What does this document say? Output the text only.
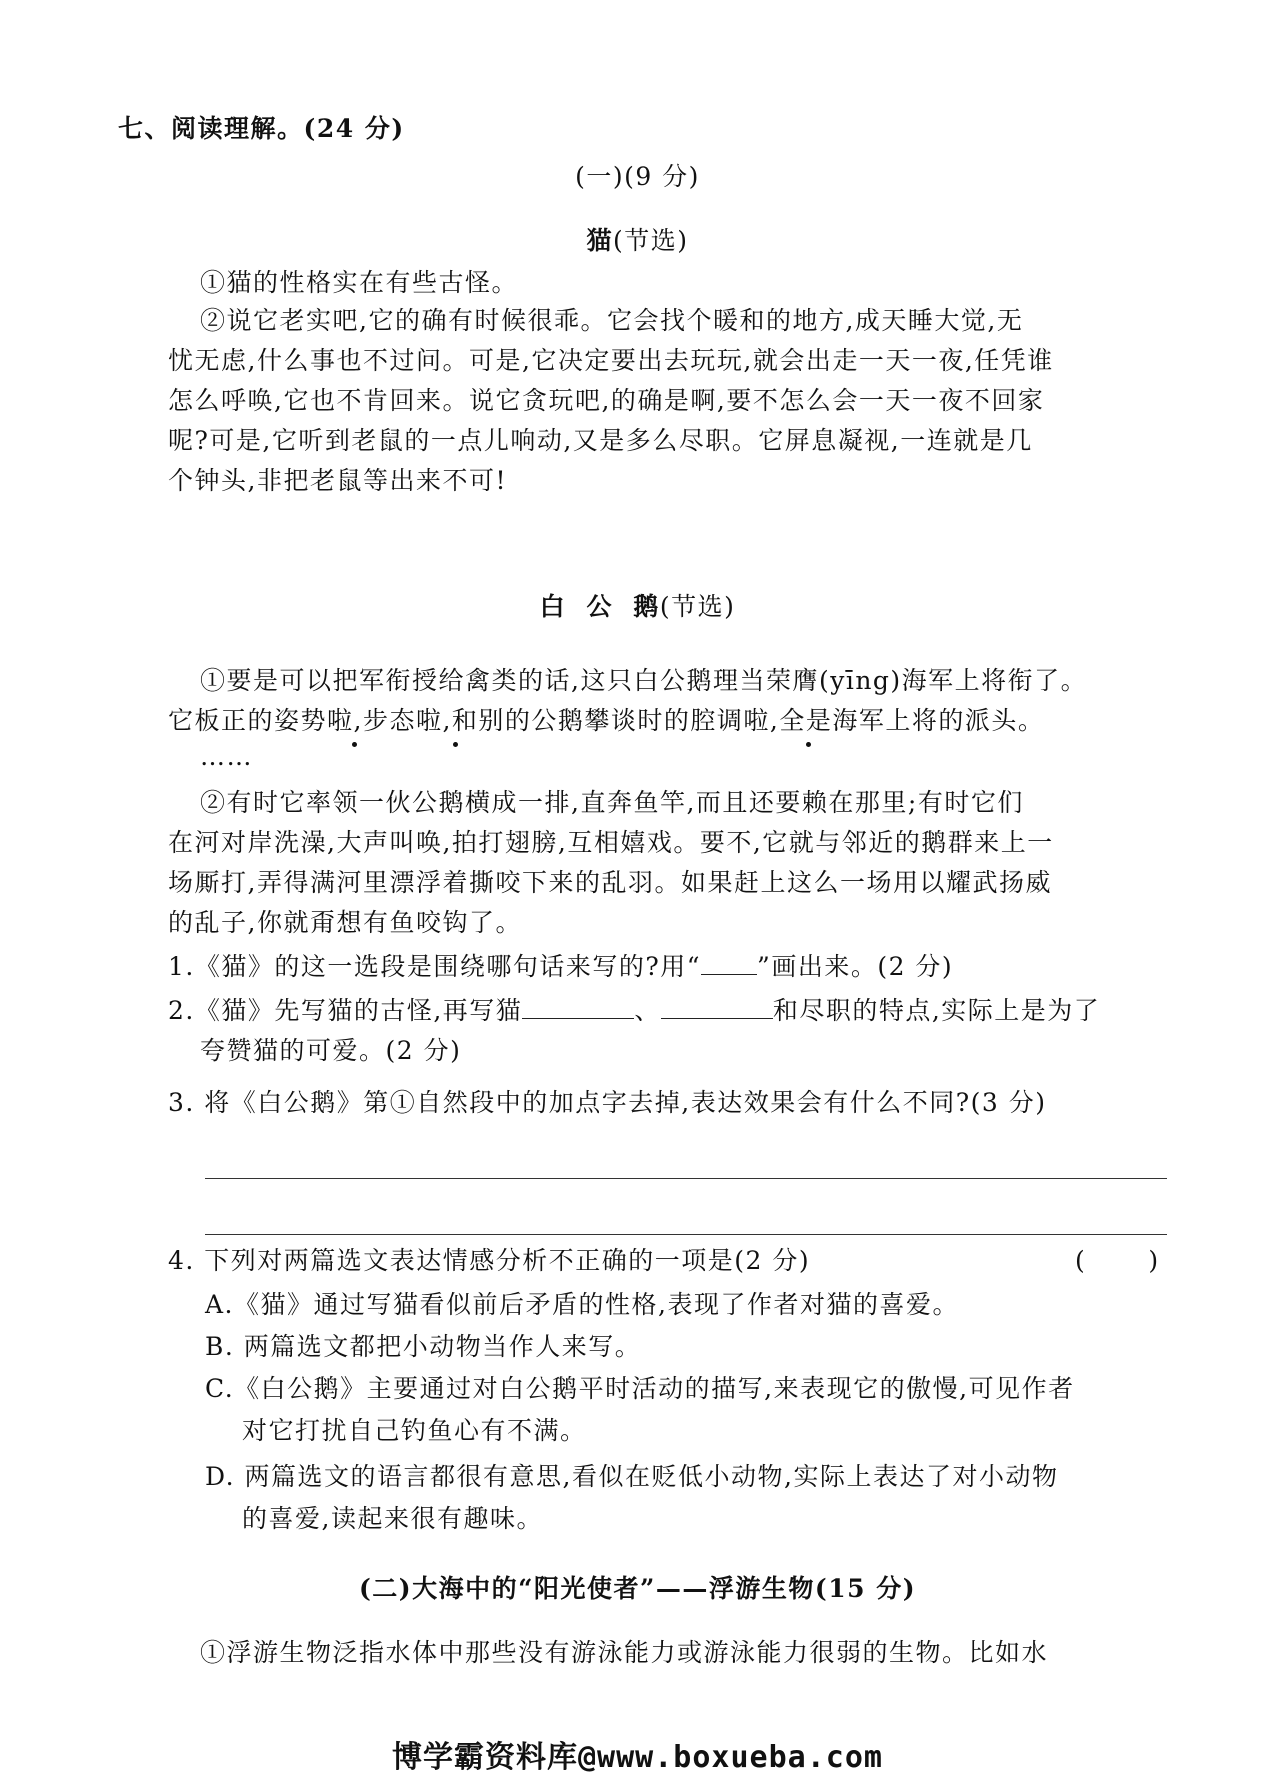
七、阅读理解。(24 分)
(一)(9 分)
猫(节选)
①猫的性格实在有些古怪。
②说它老实吧,它的确有时候很乖。它会找个暖和的地方,成天睡大觉,无
忧无虑,什么事也不过问。可是,它决定要出去玩玩,就会出走一天一夜,任凭谁
怎么呼唤,它也不肯回来。说它贪玩吧,的确是啊,要不怎么会一天一夜不回家
呢?可是,它听到老鼠的一点儿响动,又是多么尽职。它屏息凝视,一连就是几
个钟头,非把老鼠等出来不可!
白  公  鹅(节选)
①要是可以把军衔授给禽类的话,这只白公鹅理当荣膺(yīng)海军上将衔了。
它板正的姿势啦,步态啦,和别的公鹅攀谈时的腔调啦,全是海军上将的派头。
……
②有时它率领一伙公鹅横成一排,直奔鱼竿,而且还要赖在那里;有时它们
在河对岸洗澡,大声叫唤,拍打翅膀,互相嬉戏。要不,它就与邻近的鹅群来上一
场厮打,弄得满河里漂浮着撕咬下来的乱羽。如果赶上这么一场用以耀武扬威
的乱子,你就甭想有鱼咬钩了。
1.《猫》的这一选段是围绕哪句话来写的?用“ ”画出来。(2 分)
2.《猫》先写猫的古怪,再写猫	、	和尽职的特点,实际上是为了
夸赞猫的可爱。(2 分)
3. 将《白公鹅》第①自然段中的加点字去掉,表达效果会有什么不同?(3 分)
4. 下列对两篇选文表达情感分析不正确的一项是(2 分)	(        )
A.《猫》通过写猫看似前后矛盾的性格,表现了作者对猫的喜爱。
B. 两篇选文都把小动物当作人来写。
C.《白公鹅》主要通过对白公鹅平时活动的描写,来表现它的傲慢,可见作者
对它打扰自己钓鱼心有不满。
D. 两篇选文的语言都很有意思,看似在贬低小动物,实际上表达了对小动物
的喜爱,读起来很有趣味。
(二)大海中的“阳光使者”——浮游生物(15 分)
①浮游生物泛指水体中那些没有游泳能力或游泳能力很弱的生物。比如水
博学霸资料库@www.boxueba.com
